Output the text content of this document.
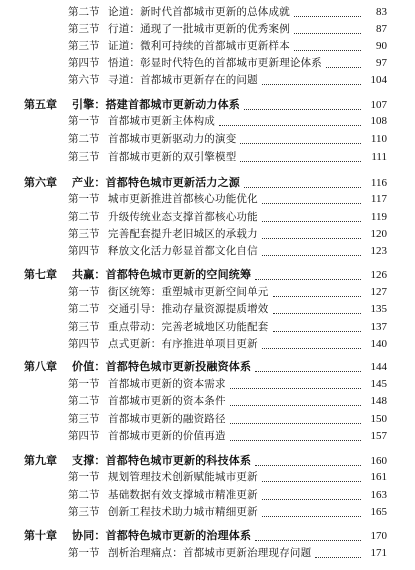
第二节 论道：新时代首都城市更新的总体成就	83
第三节 行道：通现了一批城市更新的优秀案例	87
第三节 证道：微利可持续的首都城市更新样本	90
第四节 悟道：彰显时代特色的首都城市更新理论体系	97
第六节 寻道：首都城市更新存在的问题	104
第五章	引擎：搭建首都城市更新动力体系	107
第一节 首都城市更新主体构成	108
第二节 首都城市更新驱动力的演变	110
第三节 首都城市更新的双引擎模型	111
第六章	产业：首都特色城市更新活力之源	116
第一节 城市更新推进首都核心功能优化	117
第二节 升级传统业态支撑首都核心功能	119
第三节 完善配套提升老旧城区的承载力	120
第四节 释放文化活力彰显首都文化自信	123
第七章	共赢：首都特色城市更新的空间统筹	126
第一节 街区统筹：重塑城市更新空间单元	127
第二节 交通引导：推动存量资源提质增效	135
第三节 重点带动：完善老城地区功能配套	137
第四节 点式更新：有序推进单项目更新	140
第八章	价值：首都特色城市更新投融资体系	144
第一节 首都城市更新的资本需求	145
第二节 首都城市更新的资本条件	148
第三节 首都城市更新的融资路径	150
第四节 首都城市更新的价值再造	157
第九章	支撑：首都特色城市更新的科技体系	160
第一节 规划管理技术创新赋能城市更新	161
第二节 基础数据有效支撑城市精准更新	163
第三节 创新工程技术助力城市精细更新	165
第十章	协同：首都特色城市更新的治理体系	170
第一节 剖析治理痛点：首都城市更新治理现存问题	171
